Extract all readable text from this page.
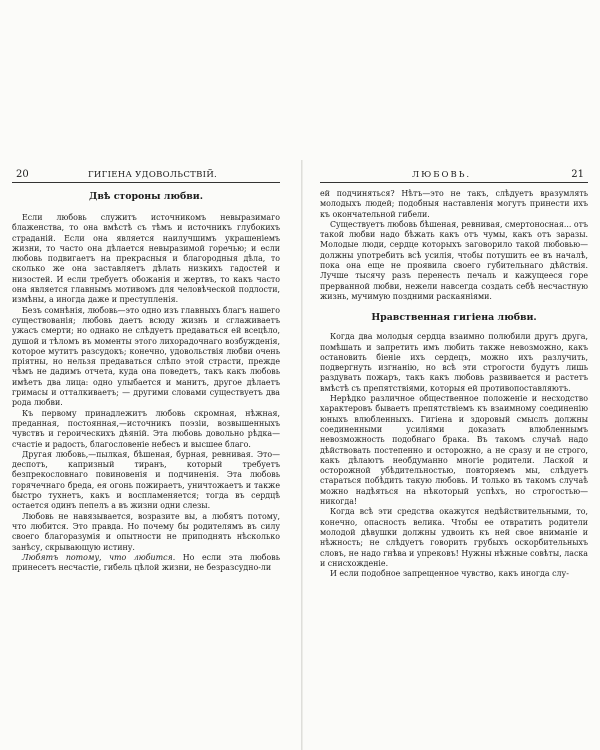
20	ГИГІЕНА УДОВОЛЬСТВІЙ.
Двѣ стороны любви.

Если любовь служитъ источникомъ невыразимаго блаженства, то она вмѣстѣ съ тѣмъ и источникъ глубокихъ страданій. Если она является наилучшимъ украшеніемъ жизни, то часто она дѣлается невыразимой горечью; и если любовь подвигаетъ на прекрасныя и благородныя дѣла, то сколько же она заставляетъ дѣлать низкихъ гадостей и низостей. И если требуетъ обожанія и жертвъ, то какъ часто она является главнымъ мотивомъ для человѣческой подлости, измѣны, а иногда даже и преступленія.

Безъ сомнѣнія, любовь—это одно изъ главныхъ благъ нашего существованія; любовь даетъ всюду жизнь и сглаживаетъ ужасъ смерти; но однако не слѣдуетъ предаваться ей всецѣло, душой и тѣломъ въ моменты этого лихорадочнаго возбужденія, которое мутитъ разсудокъ; конечно, удовольствія любви очень пріятны, но нельзя предаваться слѣпо этой страсти, прежде чѣмъ не дадимъ отчета, куда она поведетъ, такъ какъ любовь имѣетъ два лица: одно улыбается и манитъ, другое дѣлаетъ гримасы и отталкиваетъ; — другими словами существуетъ два рода любви.

Къ первому принадлежитъ любовь скромная, нѣжная, преданная, постоянная,—источникъ поэзіи, возвышенныхъ чувствъ и героическихъ дѣяній. Эта любовь довольно рѣдка—счастіе и радость, благословеніе небесъ и высшее благо.

Другая любовь,—пылкая, бѣшеная, бурная, ревнивая. Это—деспотъ, капризный тиранъ, который требуетъ безпрекословнаго повиновенія и подчиненія. Эта любовь горячечнаго бреда, ея огонь пожираетъ, уничтожаетъ и также быстро тухнетъ, какъ и воспламеняется; тогда въ сердцѣ остается одинъ пепелъ а въ жизни одни слезы.

Любовь не навязывается, возразите вы, а любятъ потому, что любится. Это правда. Но почему бы родителямъ въ силу своего благоразумія и опытности не приподнять нѣсколько занѣсу, скрывающую истину.

Любятъ потому, что любится. Но если эта любовь принесетъ несчастіе, гибель цѣлой жизни, не безразсудно-ли

ЛЮБОВЬ.	21

ей подчиняться? Нѣтъ—это не такъ, слѣдуетъ вразумлять молодыхъ людей; подобныя наставленія могутъ принести ихъ къ окончательной гибели.

Существуетъ любовь бѣшеная, ревнивая, смертоносная... отъ такой любви надо бѣжать какъ отъ чумы, какъ отъ заразы. Молодые люди, сердце которыхъ заговорило такой любовью—должны употребить всѣ усилія, чтобы потушить ее въ началѣ, пока она еще не проявила своего губительнаго дѣйствія. Лучше тысячу разъ перенесть печаль и кажущееся горе прерванной любви, нежели навсегда создать себѣ несчастную жизнь, мучимую поздними раскаяніями.

Нравственная гигіена любви.

Когда два молодыя сердца взаимно полюбили другъ друга, помѣшать и запретить имъ любить также невозможно, какъ остановить біеніе ихъ сердецъ, можно ихъ разлучить, подвергнуть изгнанію, но всѣ эти строгости будутъ лишь раздувать пожаръ, такъ какъ любовь развивается и растетъ вмѣстѣ съ препятствіями, которыя ей противопоставляютъ.

Нерѣдко различное общественное положеніе и несходство характеровъ бываетъ препятствіемъ къ взаимному соединенію юныхъ влюбленныхъ. Гигіена и здоровый смыслъ должны соединенными усиліями доказать влюбленнымъ невозможность подобнаго брака. Въ такомъ случаѣ надо дѣйствовать постепенно и осторожно, а не сразу и не строго, какъ дѣлаютъ необдуманно многіе родители. Лаской и осторожной убѣдительностью, повторяемъ мы, слѣдуетъ стараться побѣдить такую любовь. И только въ такомъ случаѣ можно надѣяться на нѣкоторый успѣхъ, но строгостью—никогда!

Когда всѣ эти средства окажутся недѣйствительными, то, конечно, опасность велика. Чтобы ее отвратить родители молодой дѣвушки должны удвоить къ ней свое вниманіе и нѣжность; не слѣдуетъ говорить грубыхъ оскорбительныхъ словъ, не надо гнѣва и упрековъ! Нужны нѣжные совѣты, ласка и снисхожденіе.

И если подобное запрещенное чувство, какъ иногда слу-
